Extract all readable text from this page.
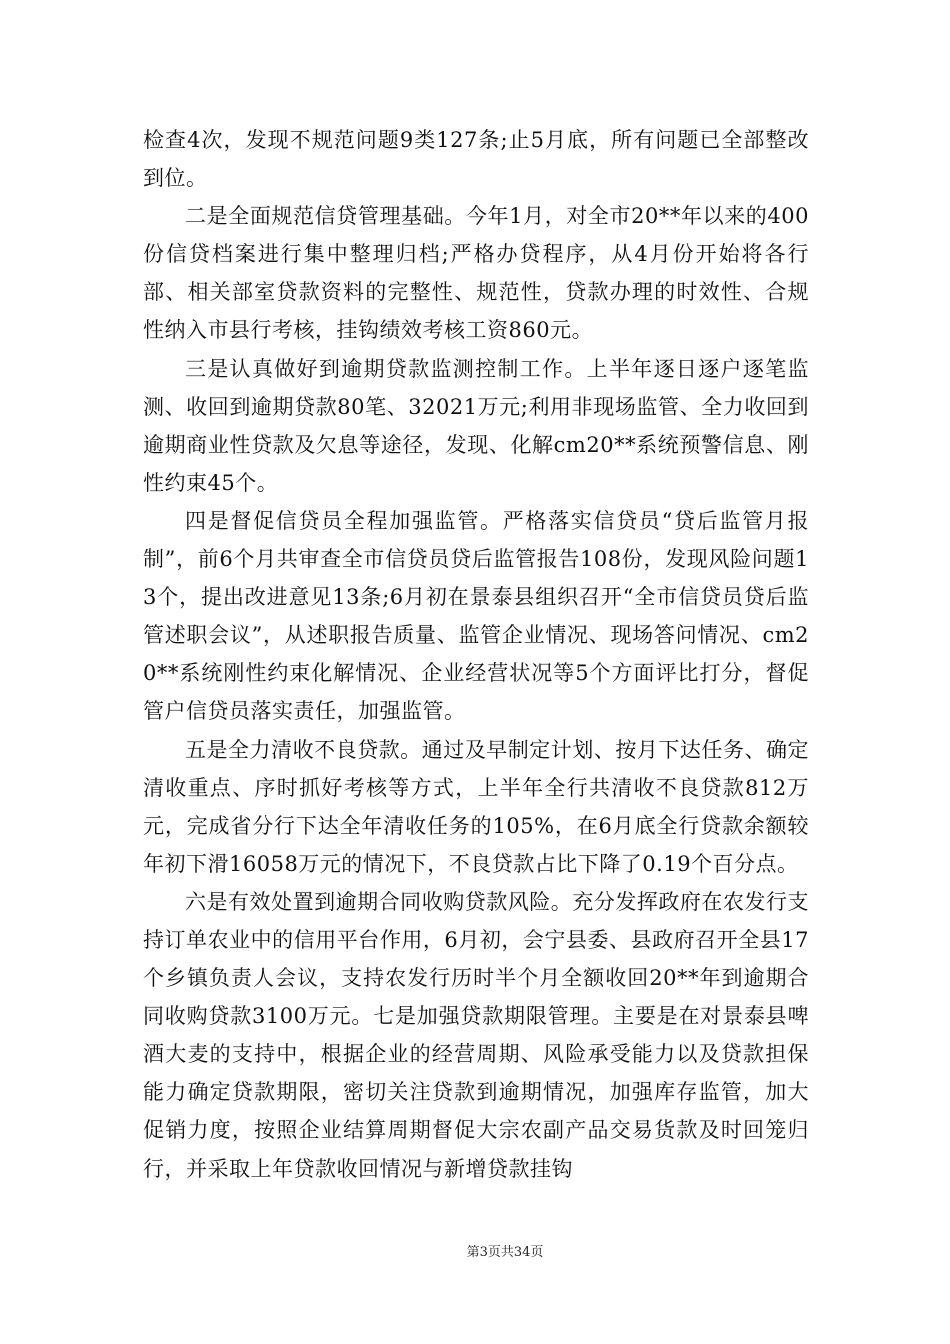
检查4次，发现不规范问题9类127条;止5月底，所有问题已全部整改到位。

二是全面规范信贷管理基础。今年1月，对全市20**年以来的400份信贷档案进行集中整理归档;严格办贷程序，从4月份开始将各行部、相关部室贷款资料的完整性、规范性，贷款办理的时效性、合规性纳入市县行考核，挂钩绩效考核工资860元。

三是认真做好到逾期贷款监测控制工作。上半年逐日逐户逐笔监测、收回到逾期贷款80笔、32021万元;利用非现场监管、全力收回到逾期商业性贷款及欠息等途径，发现、化解cm20**系统预警信息、刚性约束45个。

四是督促信贷员全程加强监管。严格落实信贷员“贷后监管月报制”，前6个月共审查全市信贷员贷后监管报告108份，发现风险问题13个，提出改进意见13条;6月初在景泰县组织召开“全市信贷员贷后监管述职会议”，从述职报告质量、监管企业情况、现场答问情况、cm20**系统刚性约束化解情况、企业经营状况等5个方面评比打分，督促管户信贷员落实责任，加强监管。

五是全力清收不良贷款。通过及早制定计划、按月下达任务、确定清收重点、序时抓好考核等方式，上半年全行共清收不良贷款812万元，完成省分行下达全年清收任务的105%，在6月底全行贷款余额较年初下滑16058万元的情况下，不良贷款占比下降了0.19个百分点。

六是有效处置到逾期合同收购贷款风险。充分发挥政府在农发行支持订单农业中的信用平台作用，6月初，会宁县委、县政府召开全县17个乡镇负责人会议，支持农发行历时半个月全额收回20**年到逾期合同收购贷款3100万元。七是加强贷款期限管理。主要是在对景泰县啤酒大麦的支持中，根据企业的经营周期、风险承受能力以及贷款担保能力确定贷款期限，密切关注贷款到逾期情况，加强库存监管，加大促销力度，按照企业结算周期督促大宗农副产品交易货款及时回笼归行，并采取上年贷款收回情况与新增贷款挂钩

第3页共34页
